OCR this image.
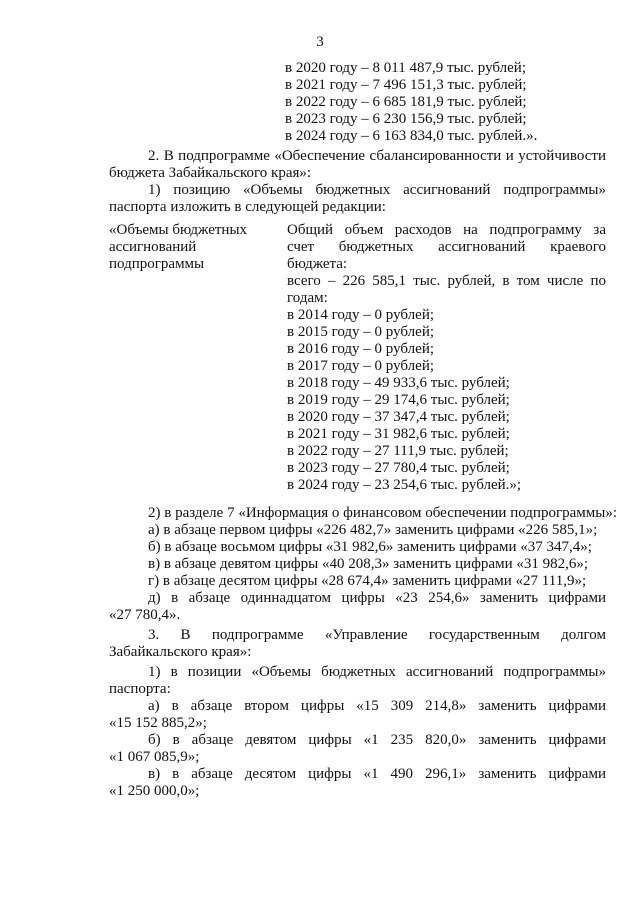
3
в 2020 году – 8 011 487,9 тыс. рублей;
в 2021 году – 7 496 151,3 тыс. рублей;
в 2022 году – 6 685 181,9 тыс. рублей;
в 2023 году – 6 230 156,9 тыс. рублей;
в 2024 году – 6 163 834,0 тыс. рублей.».
2. В подпрограмме «Обеспечение сбалансированности и устойчивости
бюджета Забайкальского края»:
1) позицию «Объемы бюджетных ассигнований подпрограммы»
паспорта изложить в следующей редакции:
«Объемы бюджетных
ассигнований
подпрограммы
Общий объем расходов на подпрограмму за
счет бюджетных ассигнований краевого
бюджета:
всего – 226 585,1 тыс. рублей, в том числе по
годам:
в 2014 году – 0 рублей;
в 2015 году – 0 рублей;
в 2016 году – 0 рублей;
в 2017 году – 0 рублей;
в 2018 году – 49 933,6 тыс. рублей;
в 2019 году – 29 174,6 тыс. рублей;
в 2020 году – 37 347,4 тыс. рублей;
в 2021 году – 31 982,6 тыс. рублей;
в 2022 году – 27 111,9 тыс. рублей;
в 2023 году – 27 780,4 тыс. рублей;
в 2024 году – 23 254,6 тыс. рублей.»;
2) в разделе 7 «Информация о финансовом обеспечении подпрограммы»:
а) в абзаце первом цифры «226 482,7» заменить цифрами «226 585,1»;
б) в абзаце восьмом цифры «31 982,6» заменить цифрами «37 347,4»;
в) в абзаце девятом цифры «40 208,3» заменить цифрами «31 982,6»;
г) в абзаце десятом цифры «28 674,4» заменить цифрами «27 111,9»;
д) в абзаце одиннадцатом цифры «23 254,6» заменить цифрами
«27 780,4».
3. В подпрограмме «Управление государственным долгом
Забайкальского края»:
1) в позиции «Объемы бюджетных ассигнований подпрограммы»
паспорта:
а) в абзаце втором цифры «15 309 214,8» заменить цифрами
«15 152 885,2»;
б) в абзаце девятом цифры «1 235 820,0» заменить цифрами
«1 067 085,9»;
в) в абзаце десятом цифры «1 490 296,1» заменить цифрами
«1 250 000,0»;
